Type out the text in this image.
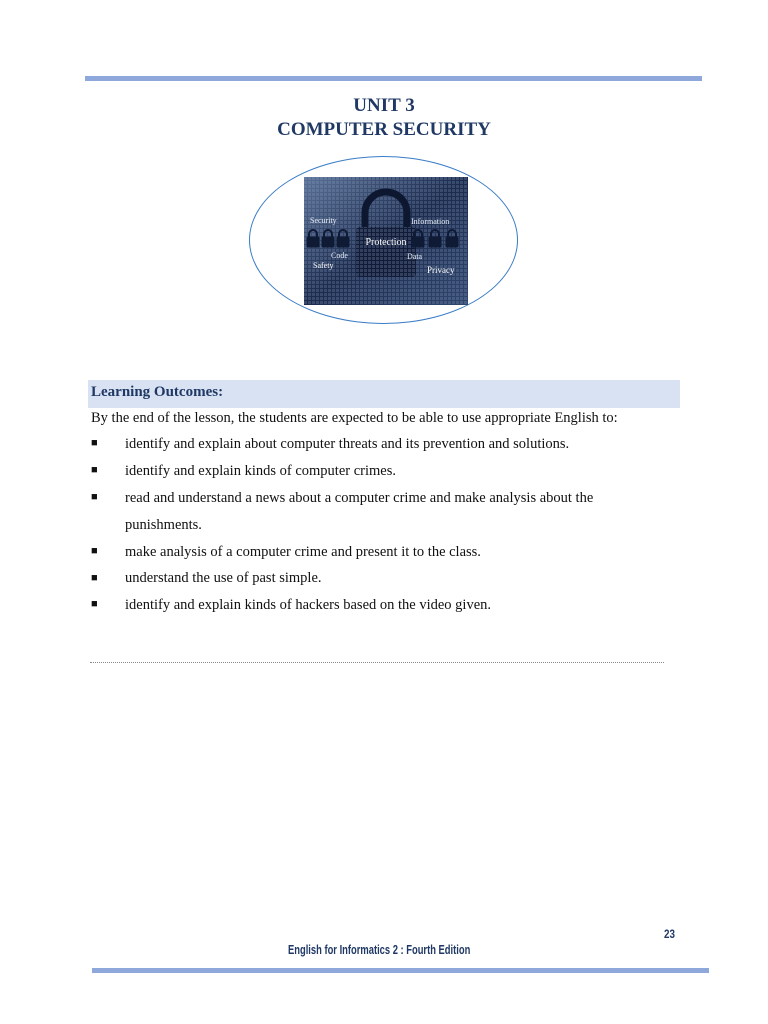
UNIT 3
COMPUTER SECURITY
Security	Information
Protection
Code
Safety
Data
Privacy
Learning Outcomes:
By the end of the lesson, the students are expected to be able to use appropriate English to:
■ identify and explain about computer threats and its prevention and solutions.
■ identify and explain kinds of computer crimes.
■ read and understand a news about a computer crime and make analysis about the
punishments.
■ make analysis of a computer crime and present it to the class.
■ understand the use of past simple.
■ identify and explain kinds of hackers based on the video given.
23
English for Informatics 2 : Fourth Edition
